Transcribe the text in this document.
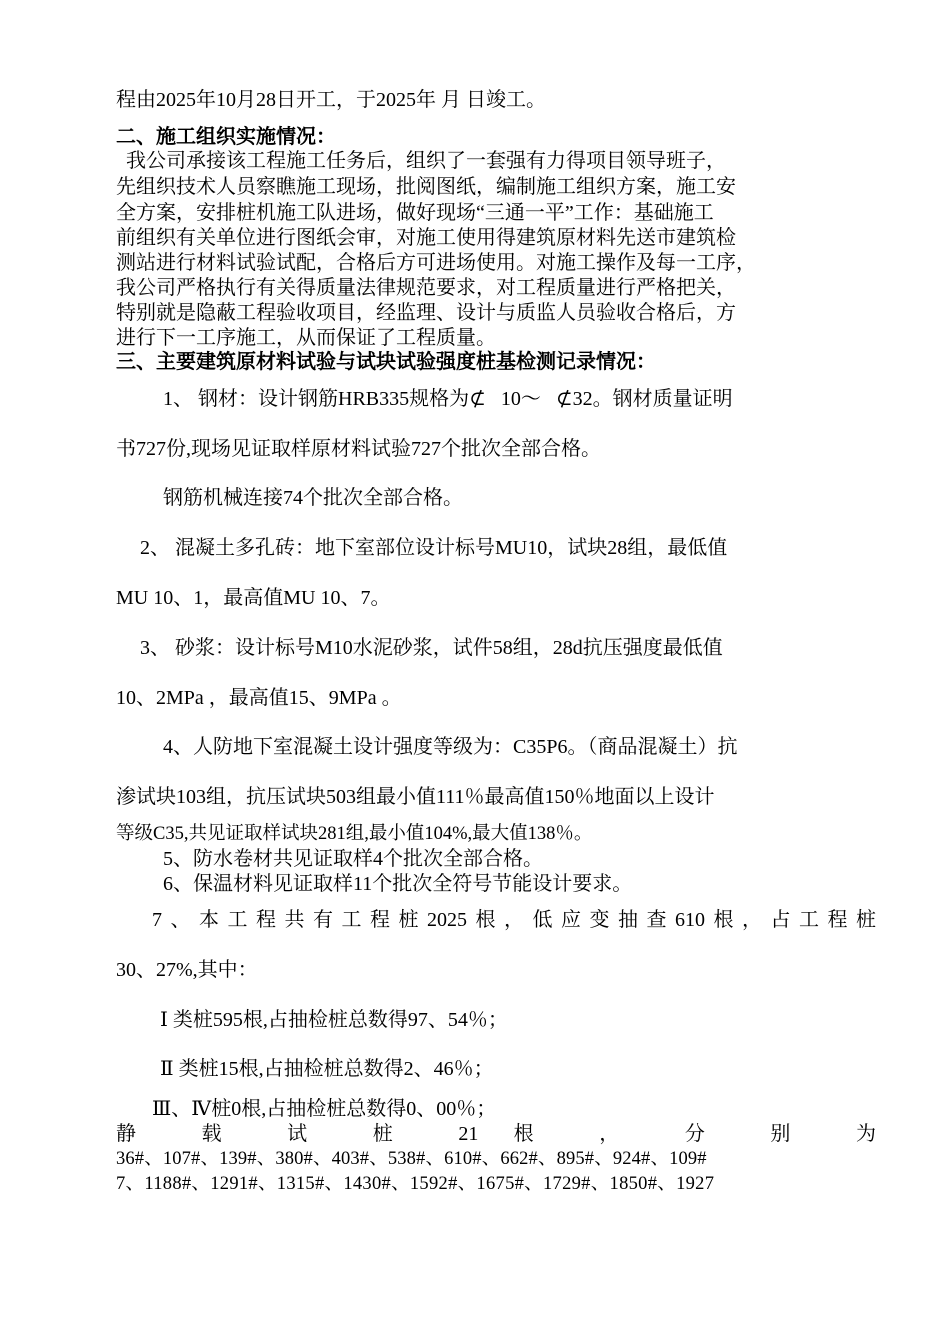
程由2025年10月28日开工，于2025年 月 日竣工。
二、施工组织实施情况：
我公司承接该工程施工任务后，组织了一套强有力得项目领导班子，
先组织技术人员察瞧施工现场，批阅图纸，编制施工组织方案，施工安
全方案，安排桩机施工队进场，做好现场“三通一平”工作：基础施工
前组织有关单位进行图纸会审，对施工使用得建筑原材料先送市建筑检
测站进行材料试验试配，合格后方可进场使用。对施工操作及每一工序，
我公司严格执行有关得质量法律规范要求，对工程质量进行严格把关，
特别就是隐蔽工程验收项目，经监理、设计与质监人员验收合格后，方
进行下一工序施工，从而保证了工程质量。
三、主要建筑原材料试验与试块试验强度桩基检测记录情况：
1、 钢材：设计钢筋HRB335规格为⊄   10～   ⊄32。钢材质量证明
书727份,现场见证取样原材料试验727个批次全部合格。
钢筋机械连接74个批次全部合格。
2、 混凝土多孔砖：地下室部位设计标号MU10，试块28组，最低值
MU 10、1，最高值MU 10、7。
3、 砂浆：设计标号M10水泥砂浆，试件58组，28d抗压强度最低值
10、2MPa ，最高值15、9MPa 。
4、人防地下室混凝土设计强度等级为：C35P6。（商品混凝土）抗
渗试块103组，抗压试块503组最小值111％最高值150％地面以上设计
等级C35,共见证取样试块281组,最小值104%,最大值138％。
5、防水卷材共见证取样4个批次全部合格。
6、保温材料见证取样11个批次全符号节能设计要求。
7、本工程共有工程桩2025根，低应变抽查610根，占工程桩
30、27%,其中：
Ⅰ 类桩595根,占抽检桩总数得97、54％；
Ⅱ 类桩15根,占抽检桩总数得2、46％；
Ⅲ、Ⅳ桩0根,占抽检桩总数得0、00％；
静 载 试 桩 21 根 ， 分 别 为
36#、107#、139#、380#、403#、538#、610#、662#、895#、924#、109#
7、1188#、1291#、1315#、1430#、1592#、1675#、1729#、1850#、1927
